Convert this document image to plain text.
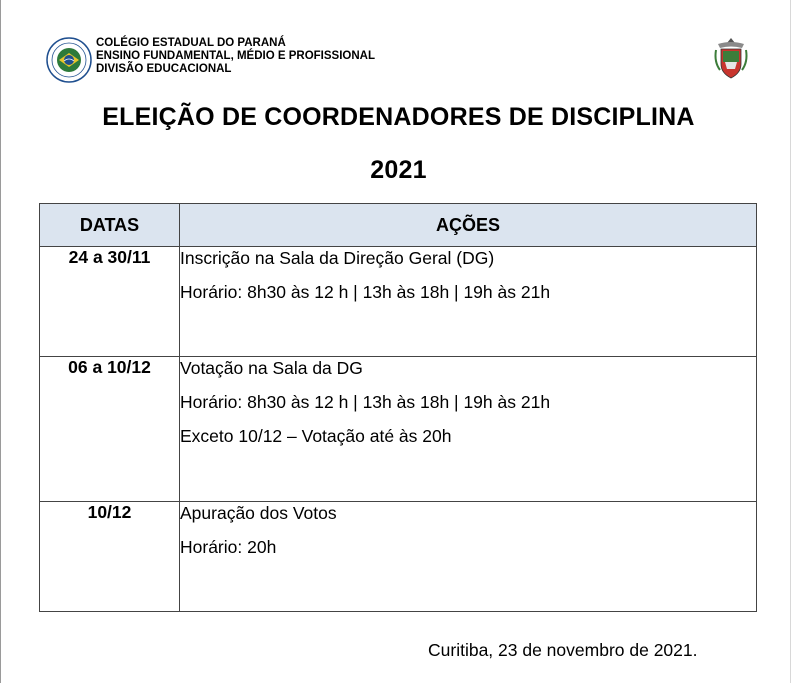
COLÉGIO ESTADUAL DO PARANÁ
ENSINO FUNDAMENTAL, MÉDIO E PROFISSIONAL
DIVISÃO EDUCACIONAL
ELEIÇÃO DE COORDENADORES DE DISCIPLINA
2021
DATAS	AÇÕES
24 a 30/11	Inscrição na Sala da Direção Geral (DG)
Horário: 8h30 às 12 h | 13h às 18h | 19h às 21h

06 a 10/12	Votação na Sala da DG
Horário: 8h30 às 12 h | 13h às 18h | 19h às 21h
Exceto 10/12 – Votação até às 20h

10/12	Apuração dos Votos
Horário: 20h
Curitiba, 23 de novembro de 2021.
